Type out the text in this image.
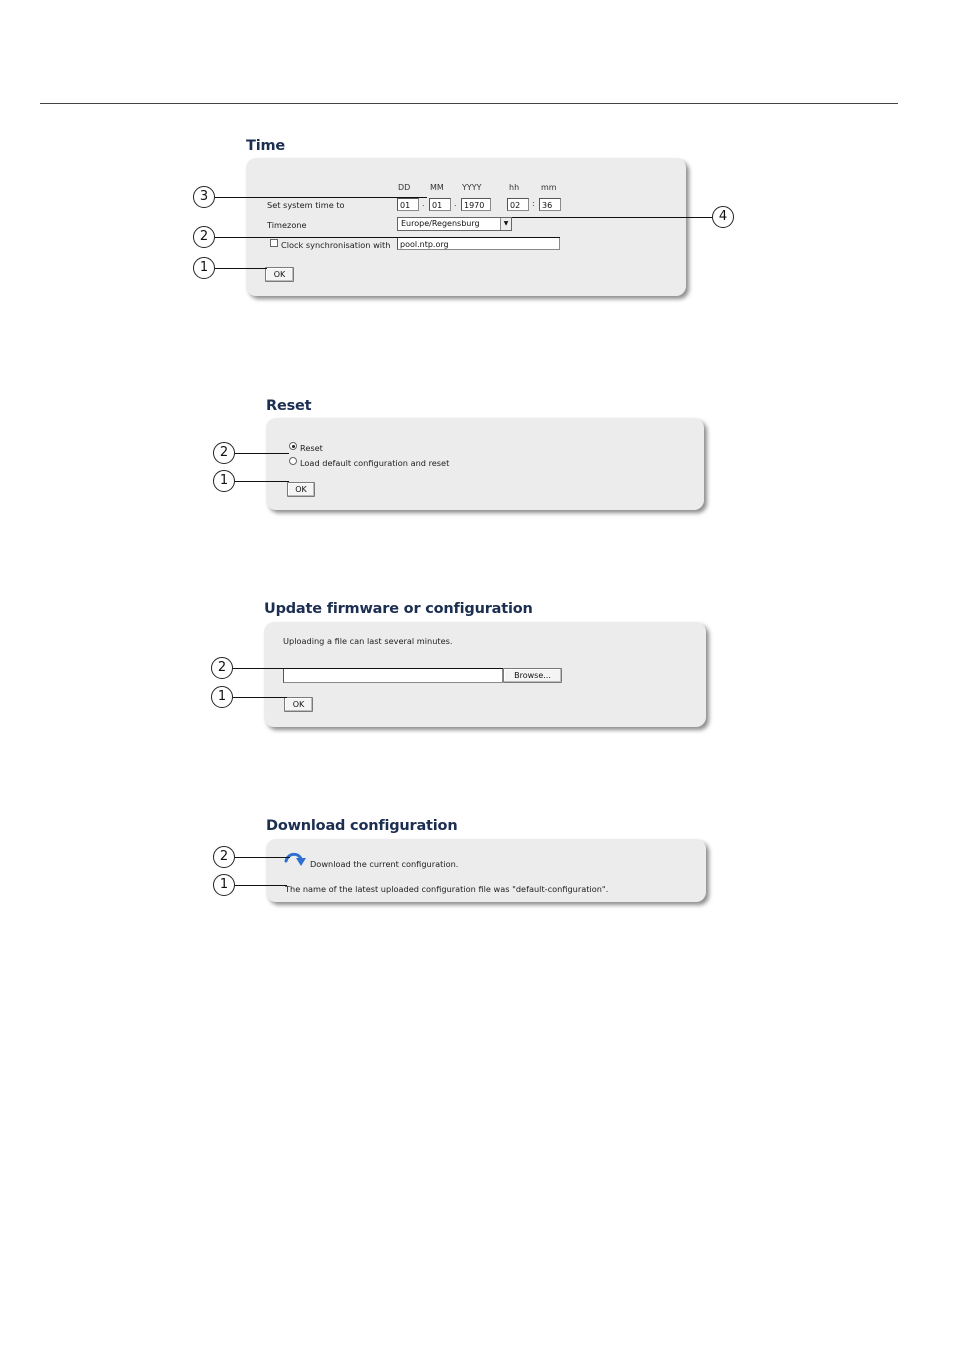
Time
DD MM YYYY	hh	mm
Set system time to	01	. 01	. 1970	02	: 36
Timezone	Europe/Regensburg	▼
Clock synchronisation with	pool.ntp.org
OK
3
4
2
1
Reset
Reset
Load default configuration and reset
OK
2
1
Update firmware or configuration
Uploading a file can last several minutes.
Browse...
OK
2
1
Download configuration
Download the current configuration.
The name of the latest uploaded configuration file was "default-configuration".
2
1
